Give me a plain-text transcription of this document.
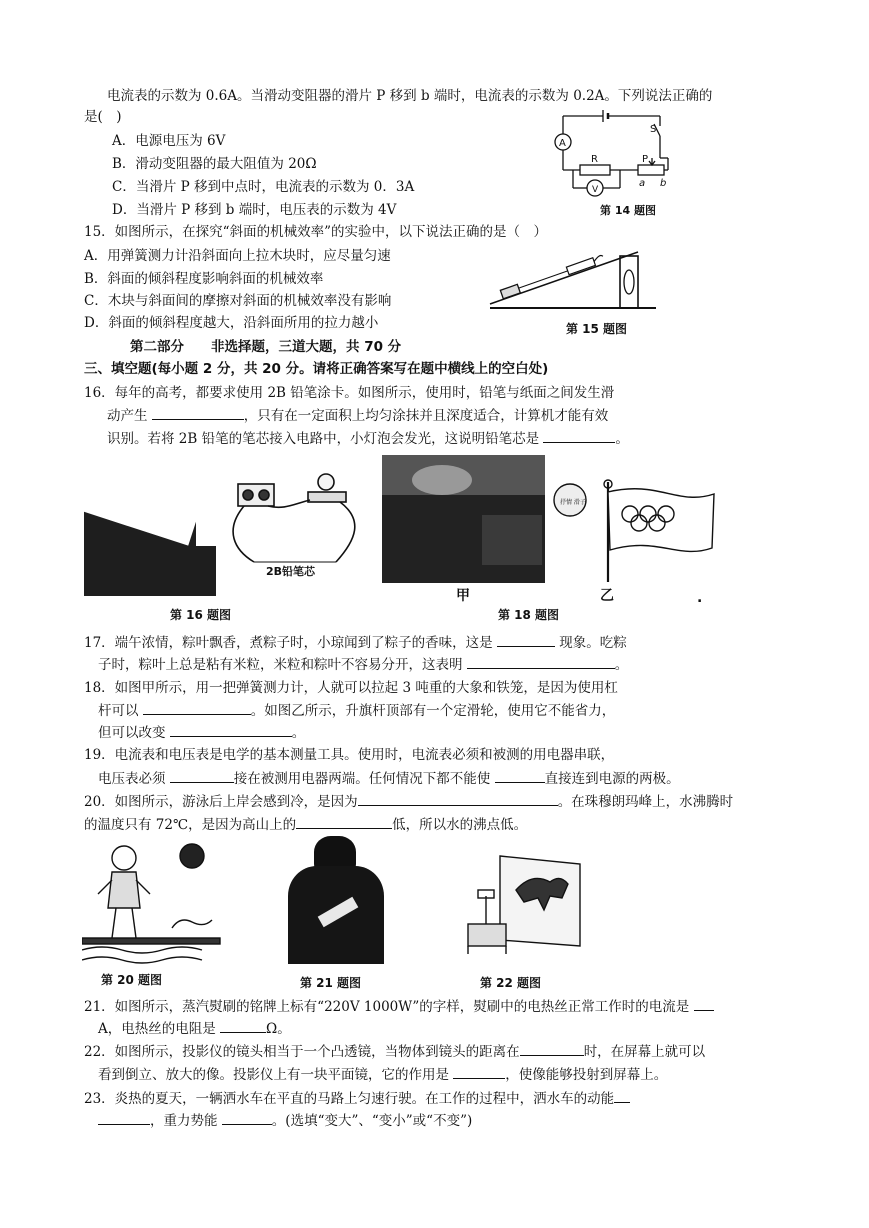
电流表的示数为 0.6A。当滑动变阻器的滑片 P 移到 b 端时，电流表的示数为 0.2A。下列说法正确的
是(　)
A．电源电压为 6V
B．滑动变阻器的最大阻值为 20Ω
C．当滑片 P 移到中点时，电流表的示数为 0．3A
D．当滑片 P 移到 b 端时，电压表的示数为 4V
A
V
R	P
S
a b
第 14 题图
15．如图所示，在探究“斜面的机械效率”的实验中，以下说法正确的是（　）
A．用弹簧测力计沿斜面向上拉木块时，应尽量匀速
B．斜面的倾斜程度影响斜面的机械效率
C．木块与斜面间的摩擦对斜面的机械效率没有影响
D．斜面的倾斜程度越大，沿斜面所用的拉力越小	第 15 题图
第二部分　　非选择题，三道大题，共 70 分
三、填空题(每小题 2 分，共 20 分。请将正确答案写在题中横线上的空白处)
16．每年的高考，都要求使用 2B 铅笔涂卡。如图所示，使用时，铅笔与纸面之间发生滑
动产生	，只有在一定面积上均匀涂抹并且深度适合，计算机才能有效
识别。若将 2B 铅笔的笔芯接入电路中，小灯泡会发光，这说明铅笔芯是	。
2B铅笔芯
第 16 题图
抒情 滑子
甲	乙	.
第 18 题图
17．端午浓情，粽叶飘香，煮粽子时，小琼闻到了粽子的香味，这是	现象。吃粽
子时，粽叶上总是粘有米粒，米粒和粽叶不容易分开，这表明	。
18．如图甲所示，用一把弹簧测力计，人就可以拉起 3 吨重的大象和铁笼，是因为使用杠
杆可以	。如图乙所示，升旗杆顶部有一个定滑轮，使用它不能省力，
但可以改变	。
19．电流表和电压表是电学的基本测量工具。使用时，电流表必须和被测的用电器串联，
电压表必须	接在被测用电器两端。任何情况下都不能使	直接连到电源的两极。
20．如图所示，游泳后上岸会感到冷，是因为	。在珠穆朗玛峰上，水沸腾时
的温度只有 72℃，是因为高山上的	低，所以水的沸点低。
第 20 题图	第 21 题图	第 22 题图
21．如图所示，蒸汽熨刷的铭牌上标有“220V 1000W”的字样，熨刷中的电热丝正常工作时的电流是
A，电热丝的电阻是	Ω。
22．如图所示，投影仪的镜头相当于一个凸透镜，当物体到镜头的距离在	时，在屏幕上就可以
看到倒立、放大的像。投影仪上有一块平面镜，它的作用是	，使像能够投射到屏幕上。
23．炎热的夏天，一辆洒水车在平直的马路上匀速行驶。在工作的过程中，洒水车的动能
，重力势能	。(选填“变大”、“变小”或“不变”)
